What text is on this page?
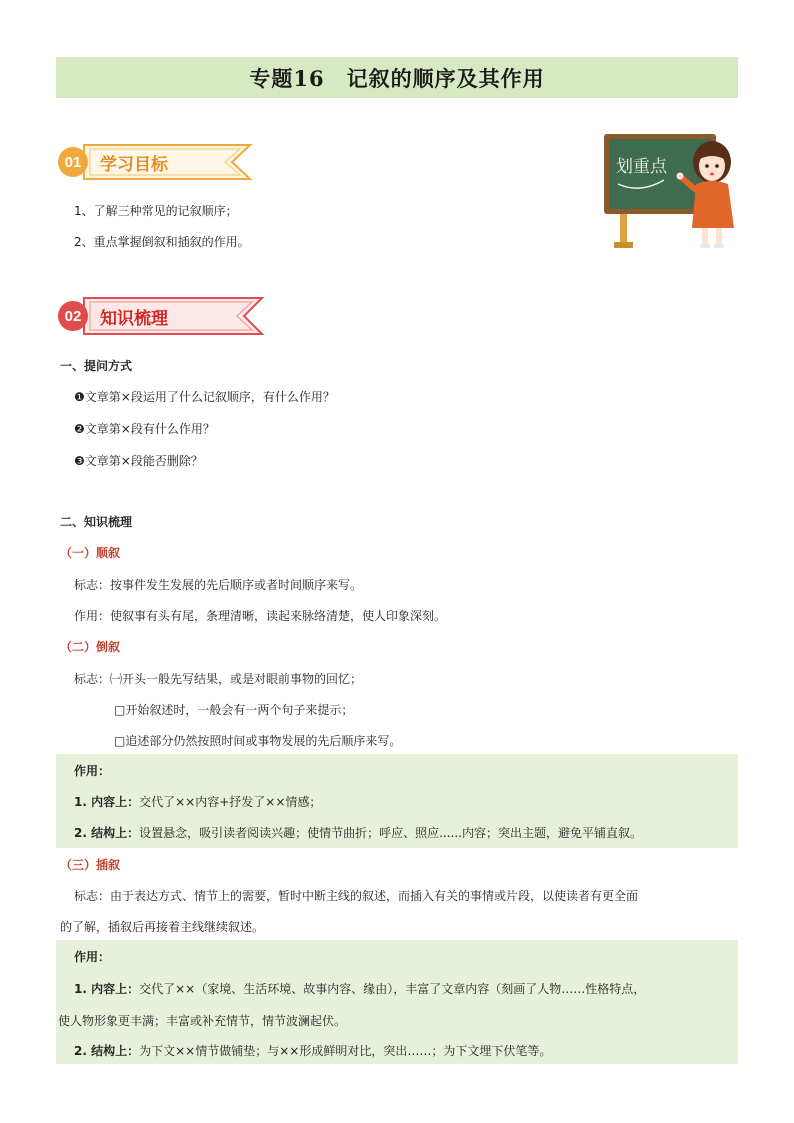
专题16　记叙的顺序及其作用
学习目标
01
1、了解三种常见的记叙顺序；
2、重点掌握倒叙和插叙的作用。
划重点
知识梳理
02
一、提问方式
❶文章第×段运用了什么记叙顺序，有什么作用？
❷文章第×段有什么作用？
❸文章第×段能否删除？
二、知识梳理
（一）顺叙
标志：按事件发生发展的先后顺序或者时间顺序来写。
作用：使叙事有头有尾，条理清晰，读起来脉络清楚，使人印象深刻。
（二）倒叙
标志：㈠开头一般先写结果，或是对眼前事物的回忆；
□开始叙述时，一般会有一两个句子来提示；
□追述部分仍然按照时间或事物发展的先后顺序来写。
作用：
1. 内容上：交代了××内容+抒发了××情感；
2. 结构上：设置悬念，吸引读者阅读兴趣；使情节曲折；呼应、照应......内容；突出主题，避免平铺直叙。
（三）插叙
标志：由于表达方式、情节上的需要，暂时中断主线的叙述，而插入有关的事情或片段，以使读者有更全面
的了解，插叙后再接着主线继续叙述。
作用：
1. 内容上：交代了××（家境、生活环境、故事内容、缘由），丰富了文章内容（刻画了人物……性格特点，
使人物形象更丰满；丰富或补充情节，情节波澜起伏。
2. 结构上：为下文××情节做铺垫；与××形成鲜明对比，突出……；为下文埋下伏笔等。
